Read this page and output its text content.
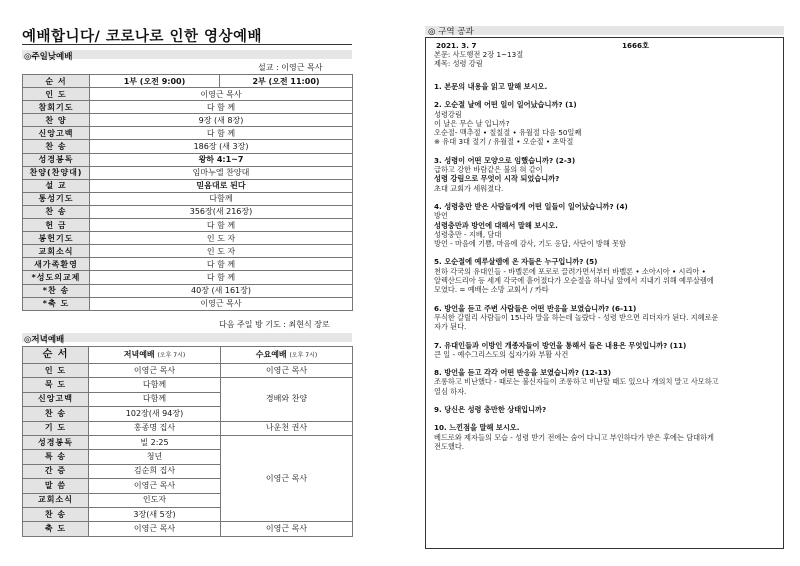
예배합니다/ 코로나로 인한 영상예배
◎주일낮예배
설교 : 이영근 목사
순 서	1부 (오전 9:00)	2부 (오전 11:00)
인 도	이영근 목사	
참회기도	다 함 께	
찬 양	9장 (새 8장)	
신앙고백	다 함 께	
찬 송	186장 (새 3장)	
성경봉독	왕하 4:1~7	
찬양(찬양대)	임마누엘 찬양대	
설 교	믿음대로 된다	
통성기도	다함께	
찬 송	356장(새 216장)	
헌 금	다 함 께	
봉헌기도	인 도 자	
교회소식	인 도 자	
새가족환영	다 함 께	
*성도의교제	다 함 께	
*찬 송	40장 (새 161장)	
*축 도	이영근 목사	
다음 주일 방 기도 : 최현식 장로
◎저녁예배
순 서	저녁예배 (오후 7시)	수요예배 (오후 7시)
인 도	이영근 목사	이영근 목사
묵 도	다함께	경배와 찬양
신앙고백	다함께	
찬 송	102장(새 94장)	
기 도	홍종명 집사	나운천 권사
성경봉독	빌 2:25	이영근 목사
특 송	청년	
간 증	김순희 집사	
말 씀	이영근 목사	
교회소식	인도자	
찬 송	3장(새 5장)	
축 도	이영근 목사	이영근 목사
◎ 구역 공과
2021. 3. 7	1666호
본문: 사도행전 2장 1~13절
제목: 성령 강림
1. 본문의 내용을 읽고 말해 보시오.
2. 오순절 날에 어떤 일이 일어났습니까? (1)
성령강림
이 날은 무슨 날 입니까?
오순절- 맥추절 • 칠칠절 • 유월절 다음 50일째
※ 유대 3대 절기 / 유월절 • 오순절 • 초막절
3. 성령이 어떤 모양으로 임했습니까? (2-3)
급하고 강한 바람같은 불의 혀 같이
성령 강림으로 무엇이 시작 되었습니까?
초대 교회가 세워졌다.
4. 성령충만 받은 사람들에게 어떤 일들이 일어났습니까? (4)
방언
성령충만과 방언에 대해서 말해 보시오.
성령충만 - 지배, 담대
방언 - 마음에 기쁨, 마음에 감사, 기도 응답, 사단이 방해 못함
5. 오순절에 예루살렘에 온 자들은 누구입니까? (5)
천하 각국의 유대인들 - 바벨론에 포로로 끌려가면서부터 바벨론 • 소아시아 • 시리아 •
알렉산드리아 등 세계 각국에 흩어졌다가 오순절을 하나님 앞에서 지내기 위해 예루살렘에
모였다. = 예배는 소망 교회서 / 카타
6. 방언을 듣고 주변 사람들은 어떤 반응을 보였습니까? (6-11)
무식한 갈릴리 사람들이 15나라 말을 하는데 놀랐다 - 성령 받으면 리더자가 된다. 지혜로운
자가 된다.
7. 유대인들과 이방인 개종자들이 방언을 통해서 들은 내용은 무엇입니까? (11)
큰 일 - 예수그리스도의 십자가와 부활 사건
8. 방언을 듣고 각각 어떤 반응을 보였습니까? (12-13)
조롱하고 비난했다 - 때로는 불신자들이 조롱하고 비난할 때도 있으나 개의치 말고 사모하고
열심 하자.
9. 당신은 성령 충만한 상태입니까?
10. 느낀점을 말해 보시오.
베드로와 제자들의 모습 - 성령 받기 전에는 숨어 다니고 부인하다가 받은 후에는 담대하게
전도했다.
